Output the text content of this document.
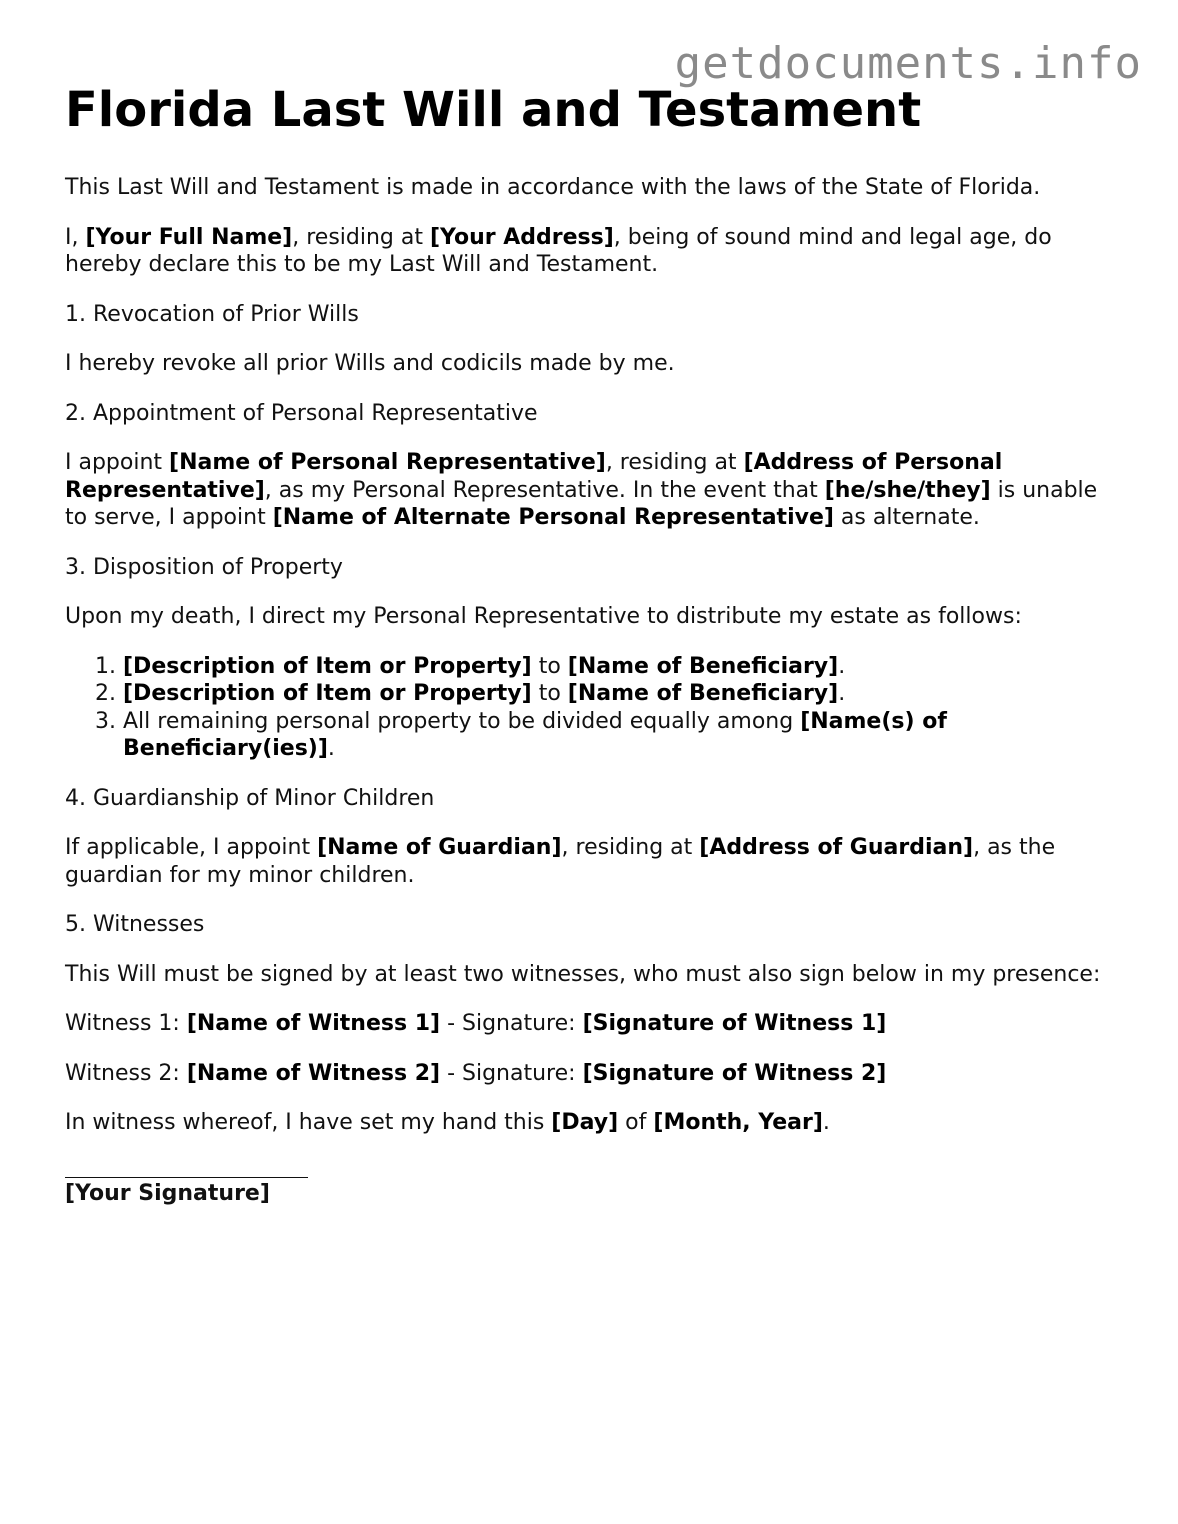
getdocuments.info
Florida Last Will and Testament

This Last Will and Testament is made in accordance with the laws of the State of Florida.

I, [Your Full Name], residing at [Your Address], being of sound mind and legal age, do hereby declare this to be my Last Will and Testament.

1. Revocation of Prior Wills

I hereby revoke all prior Wills and codicils made by me.

2. Appointment of Personal Representative

I appoint [Name of Personal Representative], residing at [Address of Personal Representative], as my Personal Representative. In the event that [he/she/they] is unable to serve, I appoint [Name of Alternate Personal Representative] as alternate.

3. Disposition of Property

Upon my death, I direct my Personal Representative to distribute my estate as follows:

1. [Description of Item or Property] to [Name of Beneficiary].
2. [Description of Item or Property] to [Name of Beneficiary].
3. All remaining personal property to be divided equally among [Name(s) of Beneficiary(ies)].

4. Guardianship of Minor Children

If applicable, I appoint [Name of Guardian], residing at [Address of Guardian], as the guardian for my minor children.

5. Witnesses

This Will must be signed by at least two witnesses, who must also sign below in my presence:

Witness 1: [Name of Witness 1] - Signature: [Signature of Witness 1]

Witness 2: [Name of Witness 2] - Signature: [Signature of Witness 2]

In witness whereof, I have set my hand this [Day] of [Month, Year].

[Your Signature]
